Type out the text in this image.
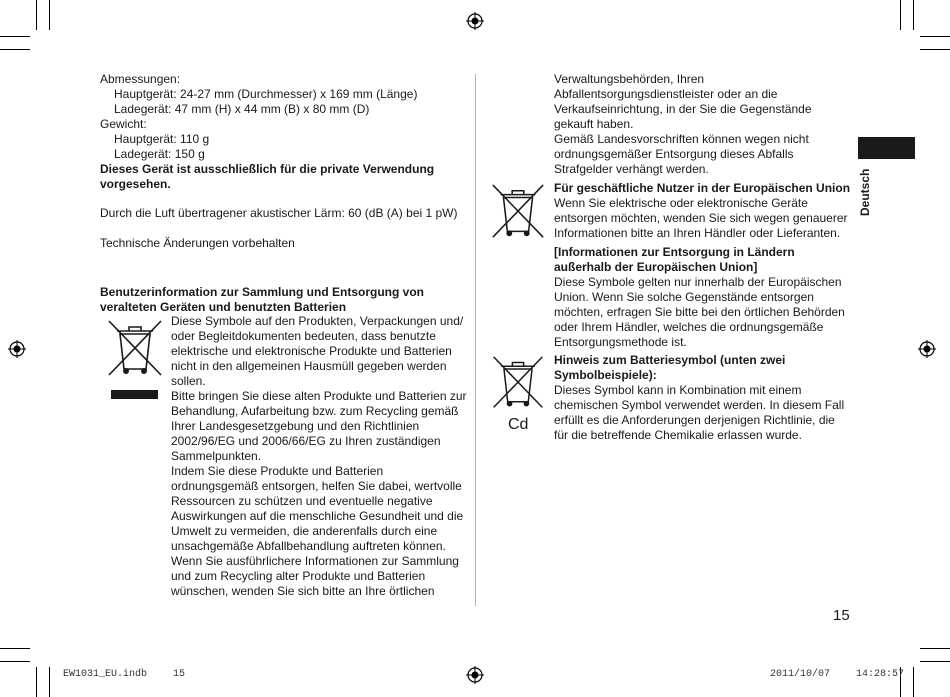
Abmessungen:

Hauptgerät: 24-27 mm (Durchmesser) x 169 mm (Länge)

Ladegerät: 47 mm (H) x 44 mm (B) x 80 mm (D)

Gewicht:

Hauptgerät: 110 g

Ladegerät: 150 g

Dieses Gerät ist ausschließlich für die private Verwendung

vorgesehen.

Durch die Luft übertragener akustischer Lärm: 60 (dB (A) bei 1 pW)

Technische Änderungen vorbehalten

Benutzerinformation zur Sammlung und Entsorgung von

veralteten Geräten und benutzten Batterien

Diese Symbole auf den Produkten, Verpackungen und/

oder Begleitdokumenten bedeuten, dass benutzte

elektrische und elektronische Produkte und Batterien

nicht in den allgemeinen Hausmüll gegeben werden

sollen.

Bitte bringen Sie diese alten Produkte und Batterien zur

Behandlung, Aufarbeitung bzw. zum Recycling gemäß

Ihrer Landesgesetzgebung und den Richtlinien

2002/96/EG und 2006/66/EG zu Ihren zuständigen

Sammelpunkten.

Indem Sie diese Produkte und Batterien

ordnungsgemäß entsorgen, helfen Sie dabei, wertvolle

Ressourcen zu schützen und eventuelle negative

Auswirkungen auf die menschliche Gesundheit und die

Umwelt zu vermeiden, die anderenfalls durch eine

unsachgemäße Abfallbehandlung auftreten können.

Wenn Sie ausführlichere Informationen zur Sammlung

und zum Recycling alter Produkte und Batterien

wünschen, wenden Sie sich bitte an Ihre örtlichen

Verwaltungsbehörden, Ihren

Abfallentsorgungsdienstleister oder an die

Verkaufseinrichtung, in der Sie die Gegenstände

gekauft haben.

Gemäß Landesvorschriften können wegen nicht

ordnungsgemäßer Entsorgung dieses Abfalls

Strafgelder verhängt werden.

Für geschäftliche Nutzer in der Europäischen Union

Wenn Sie elektrische oder elektronische Geräte

entsorgen möchten, wenden Sie sich wegen genauerer

Informationen bitte an Ihren Händler oder Lieferanten.

[Informationen zur Entsorgung in Ländern

außerhalb der Europäischen Union]

Diese Symbole gelten nur innerhalb der Europäischen

Union. Wenn Sie solche Gegenstände entsorgen

möchten, erfragen Sie bitte bei den örtlichen Behörden

oder Ihrem Händler, welches die ordnungsgemäße

Entsorgungsmethode ist.

Cd

Hinweis zum Batteriesymbol (unten zwei

Symbolbeispiele):

Dieses Symbol kann in Kombination mit einem

chemischen Symbol verwendet werden. In diesem Fall

erfüllt es die Anforderungen derjenigen Richtlinie, die

für die betreffende Chemikalie erlassen wurde.

Deutsch
15
EW1031_EU.indb	15	2011/10/07	14:28:57
